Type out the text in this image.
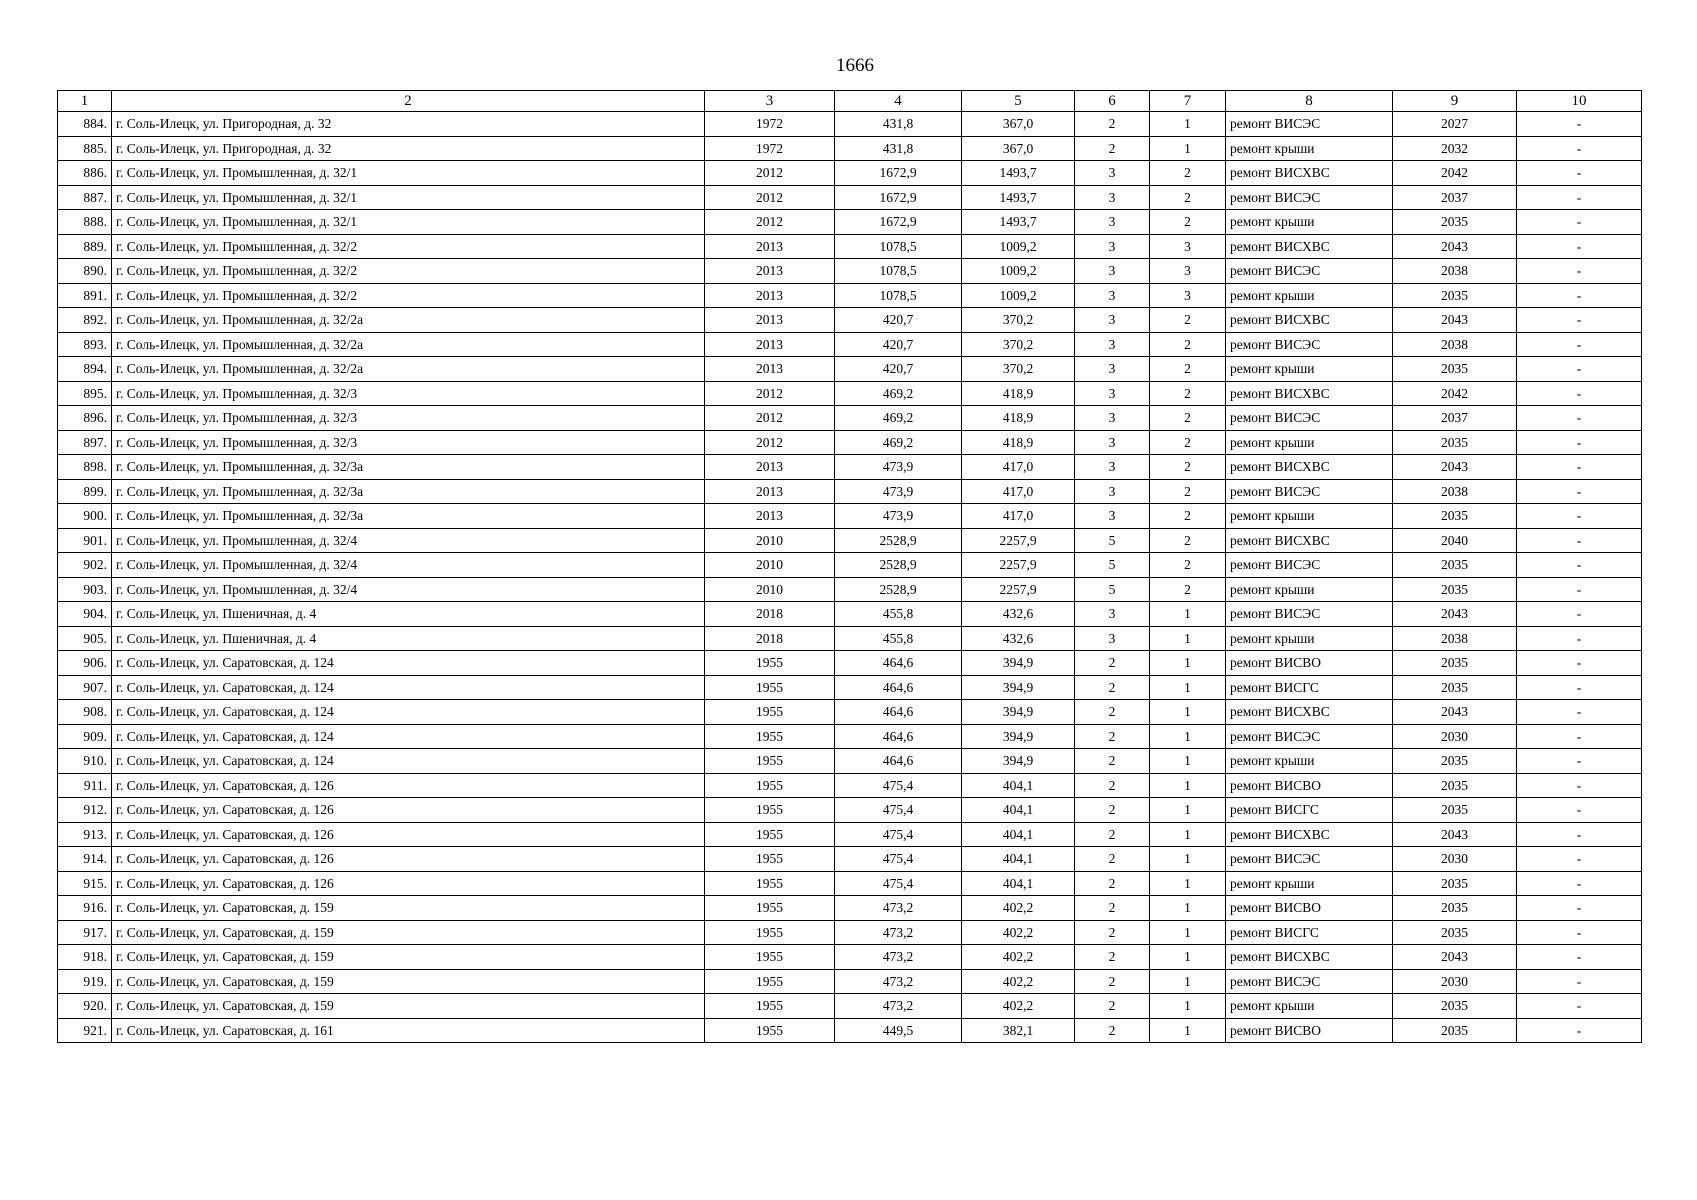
1666
1	2	3	4	5	6	7	8	9	10
884.	г. Соль-Илецк, ул. Пригородная, д. 32	1972	431,8	367,0	2	1	ремонт ВИСЭС	2027	-
885.	г. Соль-Илецк, ул. Пригородная, д. 32	1972	431,8	367,0	2	1	ремонт крыши	2032	-
886.	г. Соль-Илецк, ул. Промышленная, д. 32/1	2012	1672,9	1493,7	3	2	ремонт ВИСХВС	2042	-
887.	г. Соль-Илецк, ул. Промышленная, д. 32/1	2012	1672,9	1493,7	3	2	ремонт ВИСЭС	2037	-
888.	г. Соль-Илецк, ул. Промышленная, д. 32/1	2012	1672,9	1493,7	3	2	ремонт крыши	2035	-
889.	г. Соль-Илецк, ул. Промышленная, д. 32/2	2013	1078,5	1009,2	3	3	ремонт ВИСХВС	2043	-
890.	г. Соль-Илецк, ул. Промышленная, д. 32/2	2013	1078,5	1009,2	3	3	ремонт ВИСЭС	2038	-
891.	г. Соль-Илецк, ул. Промышленная, д. 32/2	2013	1078,5	1009,2	3	3	ремонт крыши	2035	-
892.	г. Соль-Илецк, ул. Промышленная, д. 32/2а	2013	420,7	370,2	3	2	ремонт ВИСХВС	2043	-
893.	г. Соль-Илецк, ул. Промышленная, д. 32/2а	2013	420,7	370,2	3	2	ремонт ВИСЭС	2038	-
894.	г. Соль-Илецк, ул. Промышленная, д. 32/2а	2013	420,7	370,2	3	2	ремонт крыши	2035	-
895.	г. Соль-Илецк, ул. Промышленная, д. 32/3	2012	469,2	418,9	3	2	ремонт ВИСХВС	2042	-
896.	г. Соль-Илецк, ул. Промышленная, д. 32/3	2012	469,2	418,9	3	2	ремонт ВИСЭС	2037	-
897.	г. Соль-Илецк, ул. Промышленная, д. 32/3	2012	469,2	418,9	3	2	ремонт крыши	2035	-
898.	г. Соль-Илецк, ул. Промышленная, д. 32/3а	2013	473,9	417,0	3	2	ремонт ВИСХВС	2043	-
899.	г. Соль-Илецк, ул. Промышленная, д. 32/3а	2013	473,9	417,0	3	2	ремонт ВИСЭС	2038	-
900.	г. Соль-Илецк, ул. Промышленная, д. 32/3а	2013	473,9	417,0	3	2	ремонт крыши	2035	-
901.	г. Соль-Илецк, ул. Промышленная, д. 32/4	2010	2528,9	2257,9	5	2	ремонт ВИСХВС	2040	-
902.	г. Соль-Илецк, ул. Промышленная, д. 32/4	2010	2528,9	2257,9	5	2	ремонт ВИСЭС	2035	-
903.	г. Соль-Илецк, ул. Промышленная, д. 32/4	2010	2528,9	2257,9	5	2	ремонт крыши	2035	-
904.	г. Соль-Илецк, ул. Пшеничная, д. 4	2018	455,8	432,6	3	1	ремонт ВИСЭС	2043	-
905.	г. Соль-Илецк, ул. Пшеничная, д. 4	2018	455,8	432,6	3	1	ремонт крыши	2038	-
906.	г. Соль-Илецк, ул. Саратовская, д. 124	1955	464,6	394,9	2	1	ремонт ВИСВО	2035	-
907.	г. Соль-Илецк, ул. Саратовская, д. 124	1955	464,6	394,9	2	1	ремонт ВИСГС	2035	-
908.	г. Соль-Илецк, ул. Саратовская, д. 124	1955	464,6	394,9	2	1	ремонт ВИСХВС	2043	-
909.	г. Соль-Илецк, ул. Саратовская, д. 124	1955	464,6	394,9	2	1	ремонт ВИСЭС	2030	-
910.	г. Соль-Илецк, ул. Саратовская, д. 124	1955	464,6	394,9	2	1	ремонт крыши	2035	-
911.	г. Соль-Илецк, ул. Саратовская, д. 126	1955	475,4	404,1	2	1	ремонт ВИСВО	2035	-
912.	г. Соль-Илецк, ул. Саратовская, д. 126	1955	475,4	404,1	2	1	ремонт ВИСГС	2035	-
913.	г. Соль-Илецк, ул. Саратовская, д. 126	1955	475,4	404,1	2	1	ремонт ВИСХВС	2043	-
914.	г. Соль-Илецк, ул. Саратовская, д. 126	1955	475,4	404,1	2	1	ремонт ВИСЭС	2030	-
915.	г. Соль-Илецк, ул. Саратовская, д. 126	1955	475,4	404,1	2	1	ремонт крыши	2035	-
916.	г. Соль-Илецк, ул. Саратовская, д. 159	1955	473,2	402,2	2	1	ремонт ВИСВО	2035	-
917.	г. Соль-Илецк, ул. Саратовская, д. 159	1955	473,2	402,2	2	1	ремонт ВИСГС	2035	-
918.	г. Соль-Илецк, ул. Саратовская, д. 159	1955	473,2	402,2	2	1	ремонт ВИСХВС	2043	-
919.	г. Соль-Илецк, ул. Саратовская, д. 159	1955	473,2	402,2	2	1	ремонт ВИСЭС	2030	-
920.	г. Соль-Илецк, ул. Саратовская, д. 159	1955	473,2	402,2	2	1	ремонт крыши	2035	-
921.	г. Соль-Илецк, ул. Саратовская, д. 161	1955	449,5	382,1	2	1	ремонт ВИСВО	2035	-
